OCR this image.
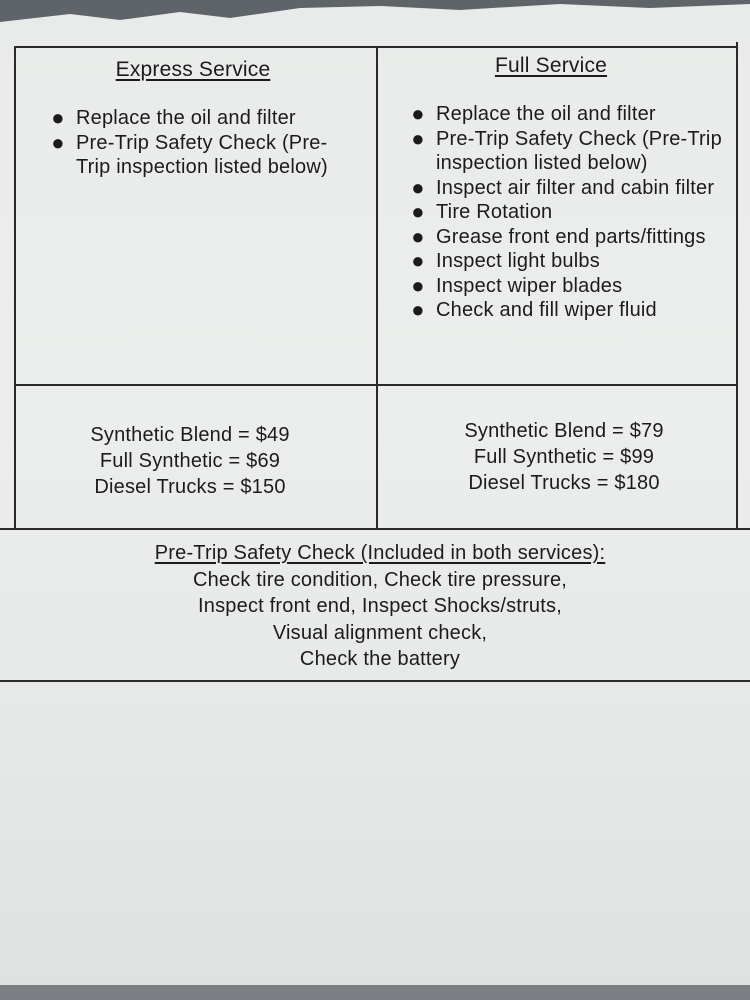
Express Service
● Replace the oil and filter
● Pre-Trip Safety Check (Pre-Trip inspection listed below)
Full Service
● Replace the oil and filter
● Pre-Trip Safety Check (Pre-Trip inspection listed below)
● Inspect air filter and cabin filter
● Tire Rotation
● Grease front end parts/fittings
● Inspect light bulbs
● Inspect wiper blades
● Check and fill wiper fluid
Synthetic Blend = $49
Full Synthetic = $69
Diesel Trucks = $150
Synthetic Blend = $79
Full Synthetic = $99
Diesel Trucks = $180
Pre-Trip Safety Check (Included in both services):
Check tire condition, Check tire pressure,
Inspect front end, Inspect Shocks/struts,
Visual alignment check,
Check the battery
